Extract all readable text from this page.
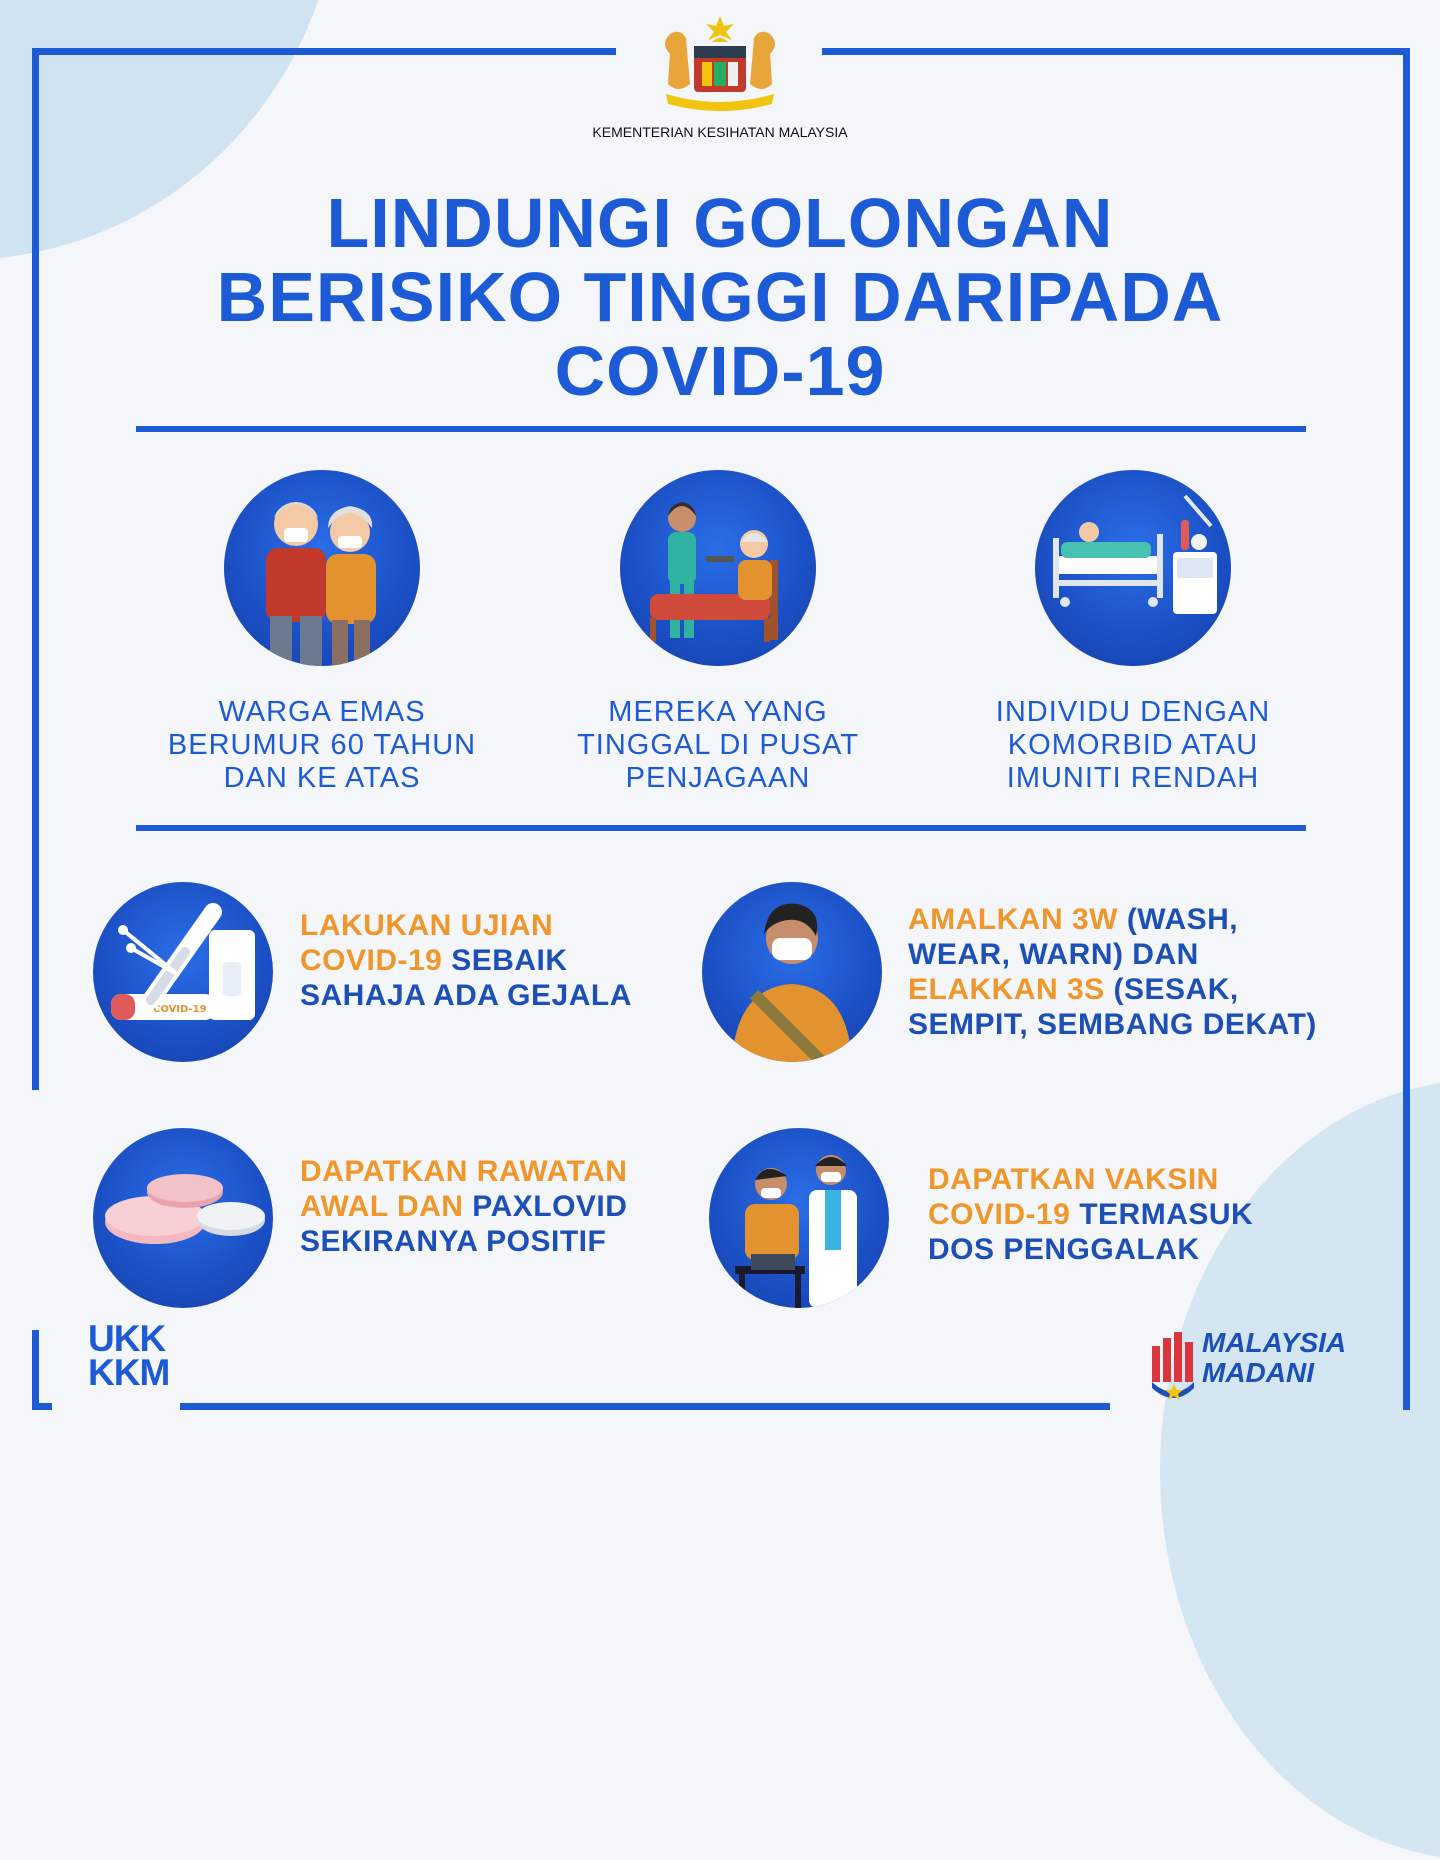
KEMENTERIAN KESIHATAN MALAYSIA
LINDUNGI GOLONGAN
BERISIKO TINGGI DARIPADA
COVID-19
WARGA EMAS
BERUMUR 60 TAHUN
DAN KE ATAS
MEREKA YANG
TINGGAL DI PUSAT
PENJAGAAN
INDIVIDU DENGAN
KOMORBID ATAU
IMUNITI RENDAH
COVID-19
LAKUKAN UJIAN
COVID-19 SEBAIK
SAHAJA ADA GEJALA
AMALKAN 3W (WASH,
WEAR, WARN) DAN
ELAKKAN 3S (SESAK,
SEMPIT, SEMBANG DEKAT)
DAPATKAN RAWATAN
AWAL DAN PAXLOVID
SEKIRANYA POSITIF
DAPATKAN VAKSIN
COVID-19 TERMASUK
DOS PENGGALAK
UKK
KKM
MALAYSIA
MADANI
